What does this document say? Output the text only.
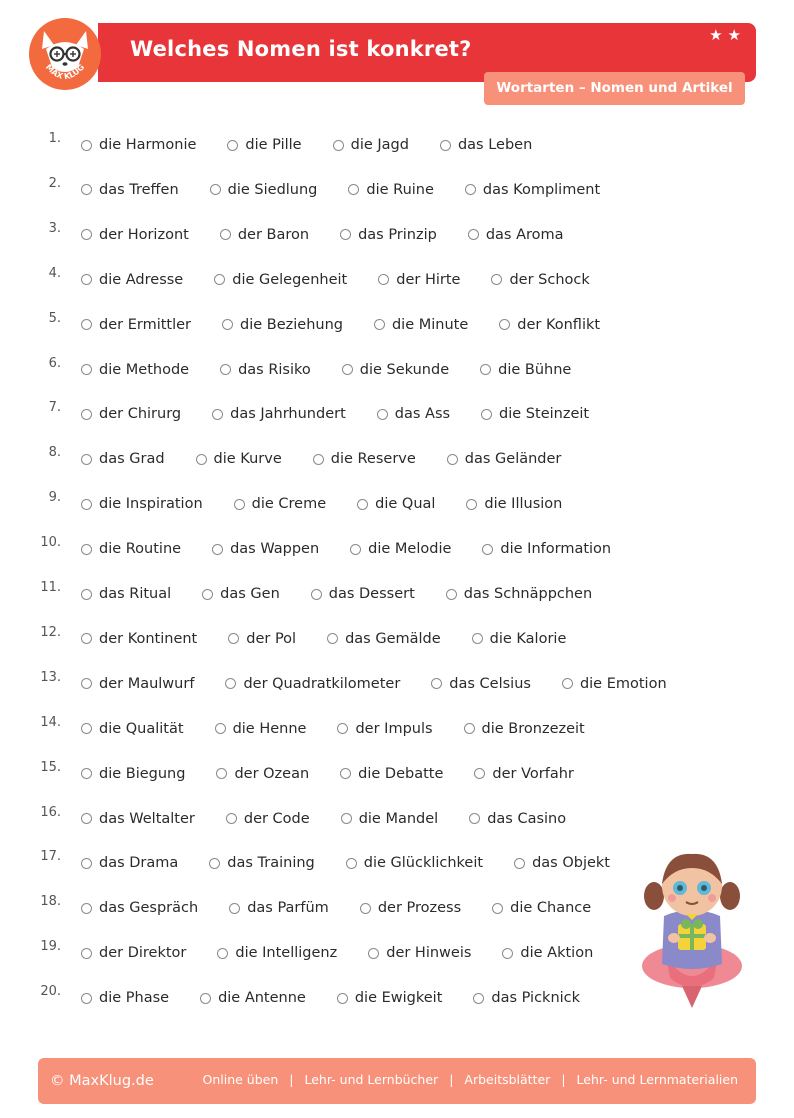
Welches Nomen ist konkret?
★★
Wortarten – Nomen und Artikel
MAX KLUG
1.	die Harmonie	die Pille	die Jagd	das Leben
2.	das Treffen	die Siedlung	die Ruine	das Kompliment
3.	der Horizont	der Baron	das Prinzip	das Aroma
4.	die Adresse	die Gelegenheit	der Hirte	der Schock
5.	der Ermittler	die Beziehung	die Minute	der Konflikt
6.	die Methode	das Risiko	die Sekunde	die Bühne
7.	der Chirurg	das Jahrhundert	das Ass	die Steinzeit
8.	das Grad	die Kurve	die Reserve	das Geländer
9.	die Inspiration	die Creme	die Qual	die Illusion
10.	die Routine	das Wappen	die Melodie	die Information
11.	das Ritual	das Gen	das Dessert	das Schnäppchen
12.	der Kontinent	der Pol	das Gemälde	die Kalorie
13.	der Maulwurf	der Quadratkilometer	das Celsius	die Emotion
14.	die Qualität	die Henne	der Impuls	die Bronzezeit
15.	die Biegung	der Ozean	die Debatte	der Vorfahr
16.	das Weltalter	der Code	die Mandel	das Casino
17.	das Drama	das Training	die Glücklichkeit	das Objekt
18.	das Gespräch	das Parfüm	der Prozess	die Chance
19.	der Direktor	die Intelligenz	der Hinweis	die Aktion
20.	die Phase	die Antenne	die Ewigkeit	das Picknick
© MaxKlug.de	Online üben | Lehr- und Lernbücher | Arbeitsblätter | Lehr- und Lernmaterialien
